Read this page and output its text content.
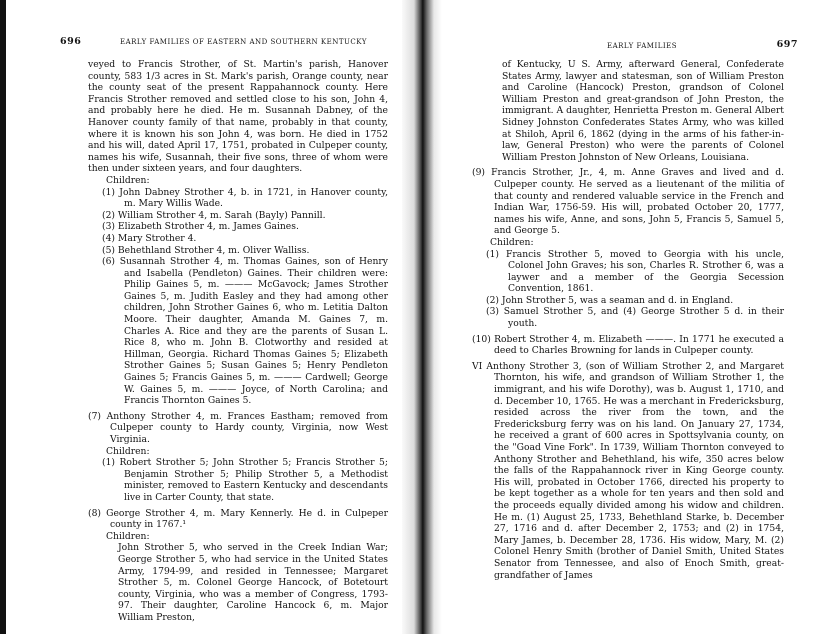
696	EARLY FAMILIES OF EASTERN AND SOUTHERN KENTUCKY

veyed to Francis Strother, of St. Martin's parish, Hanover county, 583 1/3 acres in St. Mark's parish, Orange county, near the county seat of the present Rappahannock county. Here Francis Strother removed and settled close to his son, John 4, and probably here he died. He m. Susannah Dabney, of the Hanover county family of that name, probably in that county, where it is known his son John 4, was born. He died in 1752 and his will, dated April 17, 1751, probated in Culpeper county, names his wife, Susannah, their five sons, three of whom were then under sixteen years, and four daughters.

Children:

(1) John Dabney Strother 4, b. in 1721, in Hanover county, m. Mary Willis Wade.

(2) William Strother 4, m. Sarah (Bayly) Pannill.

(3) Elizabeth Strother 4, m. James Gaines.

(4) Mary Strother 4.

(5) Behethland Strother 4, m. Oliver Walliss.

(6) Susannah Strother 4, m. Thomas Gaines, son of Henry and Isabella (Pendleton) Gaines. Their children were: Philip Gaines 5, m. ——— McGavock; James Strother Gaines 5, m. Judith Easley and they had among other children, John Strother Gaines 6, who m. Letitia Dalton Moore. Their daughter, Amanda M. Gaines 7, m. Charles A. Rice and they are the parents of Susan L. Rice 8, who m. John B. Clotworthy and resided at Hillman, Georgia. Richard Thomas Gaines 5; Elizabeth Strother Gaines 5; Susan Gaines 5; Henry Pendleton Gaines 5; Francis Gaines 5, m. ——— Cardwell; George W. Gaines 5, m. ——— Joyce, of North Carolina; and Francis Thornton Gaines 5.

(7) Anthony Strother 4, m. Frances Eastham; removed from Culpeper county to Hardy county, Virginia, now West Virginia.

Children:

(1) Robert Strother 5; John Strother 5; Francis Strother 5; Benjamin Strother 5; Philip Strother 5, a Methodist minister, removed to Eastern Kentucky and descendants live in Carter County, that state.

(8) George Strother 4, m. Mary Kennerly. He d. in Culpeper county in 1767.¹

Children:

John Strother 5, who served in the Creek Indian War; George Strother 5, who had service in the United States Army, 1794-99, and resided in Tennessee; Margaret Strother 5, m. Colonel George Hancock, of Botetourt county, Virginia, who was a member of Congress, 1793-97. Their daughter, Caroline Hancock 6, m. Major William Preston,

EARLY FAMILIES	697

of Kentucky, U S. Army, afterward General, Confederate States Army, lawyer and statesman, son of William Preston and Caroline (Hancock) Preston, grandson of Colonel William Preston and great-grandson of John Preston, the immigrant. A daughter, Henrietta Preston m. General Albert Sidney Johnston Confederates States Army, who was killed at Shiloh, April 6, 1862 (dying in the arms of his father-in-law, General Preston) who were the parents of Colonel William Preston Johnston of New Orleans, Louisiana.

(9) Francis Strother, Jr., 4, m. Anne Graves and lived and d. Culpeper county. He served as a lieutenant of the militia of that county and rendered valuable service in the French and Indian War, 1756-59. His will, probated October 20, 1777, names his wife, Anne, and sons, John 5, Francis 5, Samuel 5, and George 5.

Children:

(1) Francis Strother 5, moved to Georgia with his uncle, Colonel John Graves; his son, Charles R. Strother 6, was a laywer and a member of the Georgia Secession Convention, 1861.

(2) John Strother 5, was a seaman and d. in England.

(3) Samuel Strother 5, and (4) George Strother 5 d. in their youth.

(10) Robert Strother 4, m. Elizabeth ———. In 1771 he executed a deed to Charles Browning for lands in Culpeper county.

VI Anthony Strother 3, (son of William Strother 2, and Margaret Thornton, his wife, and grandson of William Strother 1, the immigrant, and his wife Dorothy), was b. August 1, 1710, and d. December 10, 1765. He was a merchant in Fredericksburg, resided across the river from the town, and the Fredericksburg ferry was on his land. On January 27, 1734, he received a grant of 600 acres in Spottsylvania county, on the "Goad Vine Fork". In 1739, William Thornton conveyed to Anthony Strother and Behethland, his wife, 350 acres below the falls of the Rappahannock river in King George county. His will, probated in October 1766, directed his property to be kept together as a whole for ten years and then sold and the proceeds equally divided among his widow and children. He m. (1) August 25, 1733, Behethland Starke, b. December 27, 1716 and d. after December 2, 1753; and (2) in 1754, Mary James, b. December 28, 1736. His widow, Mary, M. (2) Colonel Henry Smith (brother of Daniel Smith, United States Senator from Tennessee, and also of Enoch Smith, great-grandfather of James
